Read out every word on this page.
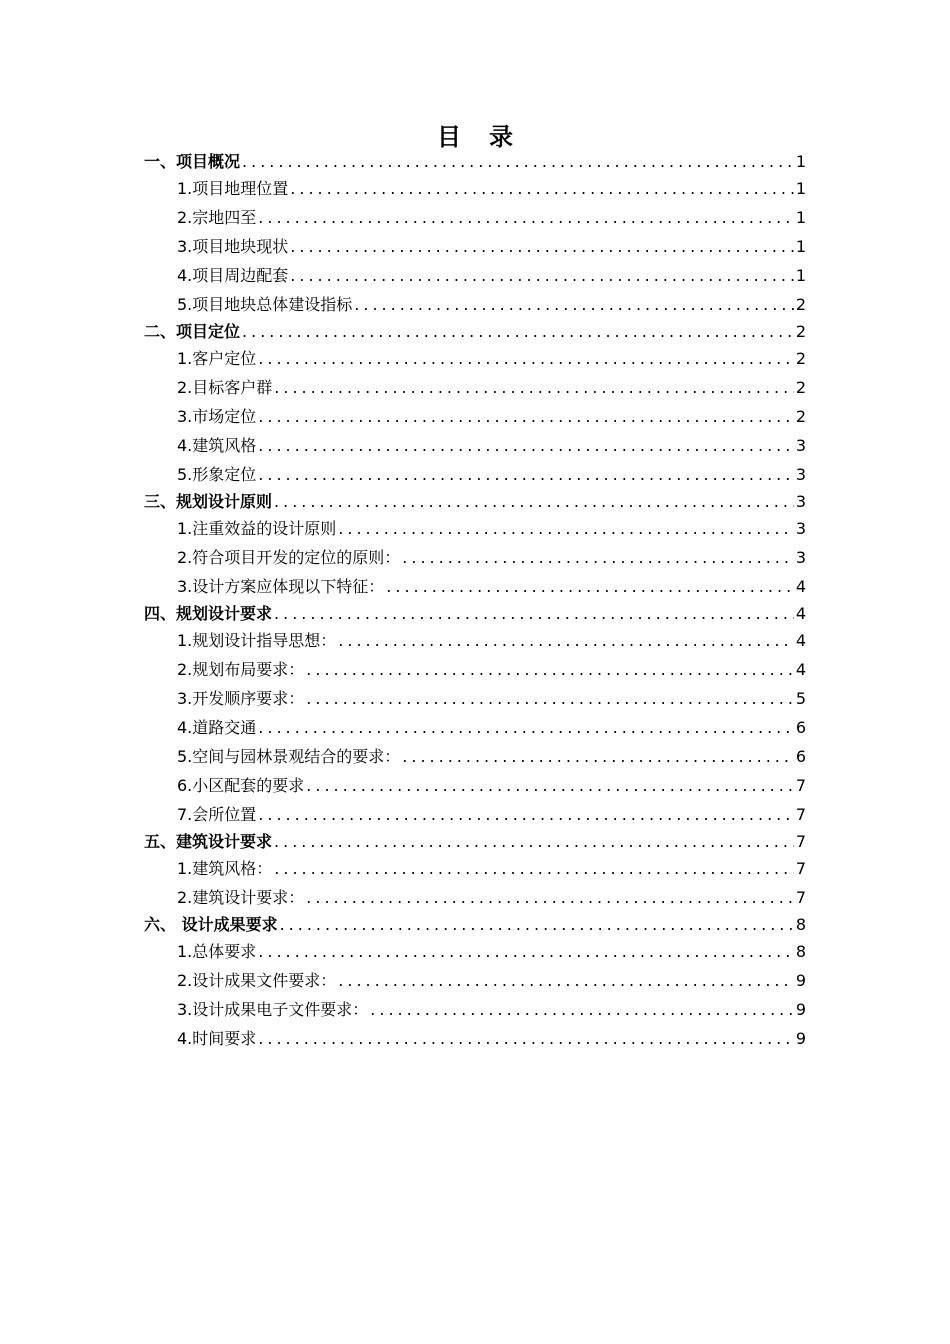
目录
一、项目概况 .....	1
1.项目地理位置 .....	1
2.宗地四至 .....	1
3.项目地块现状 .....	1
4.项目周边配套 .....	1
5.项目地块总体建设指标 .....	2
二、项目定位 .....	2
1.客户定位 .....	2
2.目标客户群 .....	2
3.市场定位 .....	2
4.建筑风格 .....	3
5.形象定位 .....	3
三、规划设计原则 .....	3
1.注重效益的设计原则 .....	3
2.符合项目开发的定位的原则： .....	3
3.设计方案应体现以下特征： .....	4
四、规划设计要求 .....	4
1.规划设计指导思想： .....	4
2.规划布局要求： .....	4
3.开发顺序要求： .....	5
4.道路交通 .....	6
5.空间与园林景观结合的要求： .....	6
6.小区配套的要求 .....	7
7.会所位置 .....	7
五、建筑设计要求 .....	7
1.建筑风格： .....	7
2.建筑设计要求： .....	7
六、 设计成果要求 .....	8
1.总体要求 .....	8
2.设计成果文件要求： .....	9
3.设计成果电子文件要求： .....	9
4.时间要求 .....	9
